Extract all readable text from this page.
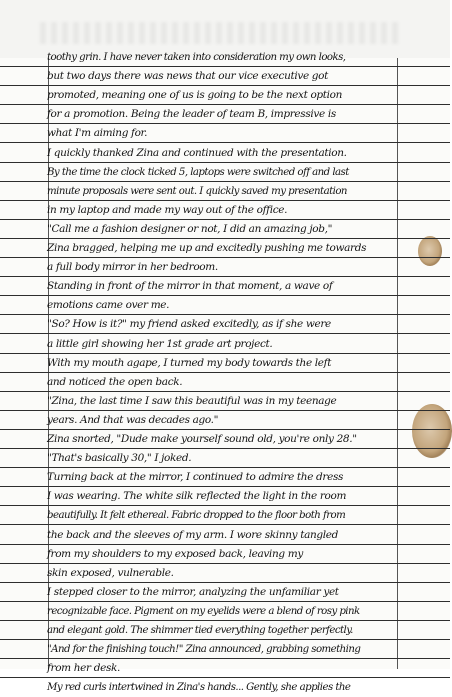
toothy grin. I have never taken into consideration my own looks,
but two days there was news that our vice executive got
promoted, meaning one of us is going to be the next option
for a promotion. Being the leader of team B, impressive is
what I'm aiming for.
I quickly thanked Zina and continued with the presentation.
By the time the clock ticked 5, laptops were switched off and last
minute proposals were sent out. I quickly saved my presentation
in my laptop and made my way out of the office.
"Call me a fashion designer or not, I did an amazing job,"
Zina bragged, helping me up and excitedly pushing me towards
a full body mirror in her bedroom.
Standing in front of the mirror in that moment, a wave of
emotions came over me.
"So? How is it?" my friend asked excitedly, as if she were
a little girl showing her 1st grade art project.
With my mouth agape, I turned my body towards the left
and noticed the open back.
"Zina, the last time I saw this beautiful was in my teenage
years. And that was decades ago."
Zina snorted, "Dude make yourself sound old, you're only 28."
"That's basically 30," I joked.
Turning back at the mirror, I continued to admire the dress
I was wearing. The white silk reflected the light in the room
beautifully. It felt ethereal. Fabric dropped to the floor both from
the back and the sleeves of my arm. I wore skinny tangled
from my shoulders to my exposed back, leaving my
skin exposed, vulnerable.
I stepped closer to the mirror, analyzing the unfamiliar yet
recognizable face. Pigment on my eyelids were a blend of rosy pink
and elegant gold. The shimmer tied everything together perfectly.
"And for the finishing touch!" Zina announced, grabbing something
from her desk.
My red curls intertwined in Zina's hands... Gently, she applies the
